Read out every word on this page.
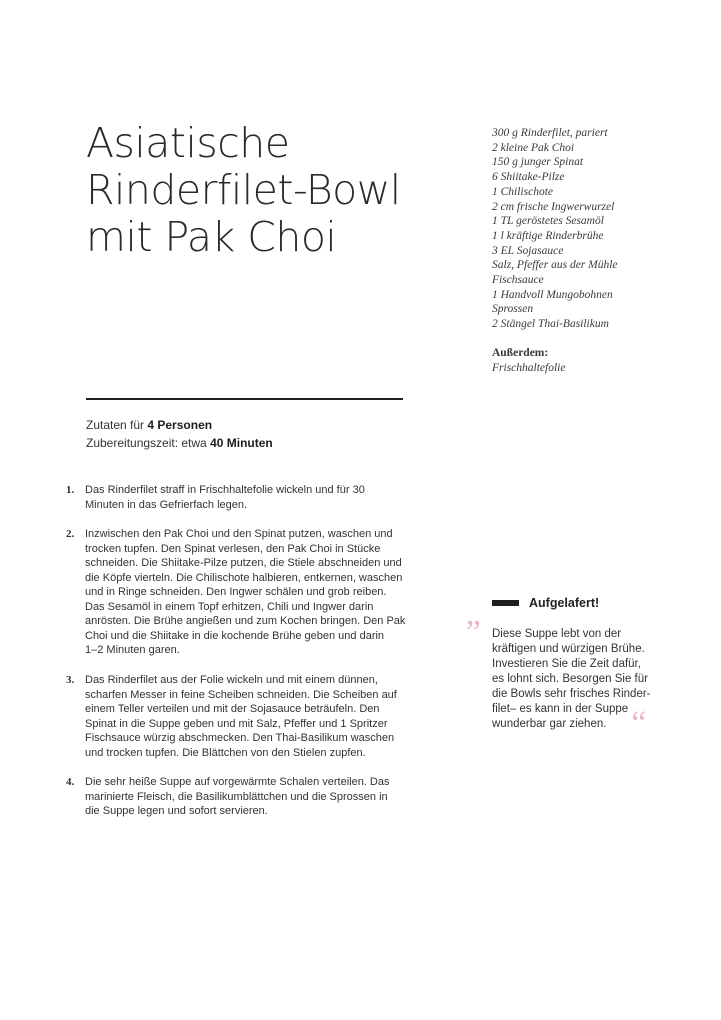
Asiatische
Rinderfilet-Bowl
mit Pak Choi
300 g Rinderfilet, pariert
2 kleine Pak Choi
150 g junger Spinat
6 Shiitake-Pilze
1 Chilischote
2 cm frische Ingwerwurzel
1 TL geröstetes Sesamöl
1 l kräftige Rinderbrühe
3 EL Sojasauce
Salz, Pfeffer aus der Mühle
Fischsauce
1 Handvoll Mungobohnen
Sprossen
2 Stängel Thai-Basilikum
Außerdem:
Frischhaltefolie
Zutaten für 4 Personen
Zubereitungszeit: etwa 40 Minuten
1. Das Rinderfilet straff in Frischhaltefolie wickeln und für 30
Minuten in das Gefrierfach legen.
2. Inzwischen den Pak Choi und den Spinat putzen, waschen und
trocken tupfen. Den Spinat verlesen, den Pak Choi in Stücke
schneiden. Die Shiitake-Pilze putzen, die Stiele abschneiden und
die Köpfe vierteln. Die Chilischote halbieren, entkernen, waschen
und in Ringe schneiden. Den Ingwer schälen und grob reiben.
Das Sesamöl in einem Topf erhitzen, Chili und Ingwer darin
anrösten. Die Brühe angießen und zum Kochen bringen. Den Pak
Choi und die Shiitake in die kochende Brühe geben und darin
1–2 Minuten garen.
3. Das Rinderfilet aus der Folie wickeln und mit einem dünnen,
scharfen Messer in feine Scheiben schneiden. Die Scheiben auf
einem Teller verteilen und mit der Sojasauce beträufeln. Den
Spinat in die Suppe geben und mit Salz, Pfeffer und 1 Spritzer
Fischsauce würzig abschmecken. Den Thai-Basilikum waschen
und trocken tupfen. Die Blättchen von den Stielen zupfen.
4. Die sehr heiße Suppe auf vorgewärmte Schalen verteilen. Das
marinierte Fleisch, die Basilikumblättchen und die Sprossen in
die Suppe legen und sofort servieren.
Aufgelafert!
” Diese Suppe lebt von der
kräftigen und würzigen Brühe.
Investieren Sie die Zeit dafür,
es lohnt sich. Besorgen Sie für
die Bowls sehr frisches Rinder-
filet– es kann in der Suppe
wunderbar gar ziehen. “
